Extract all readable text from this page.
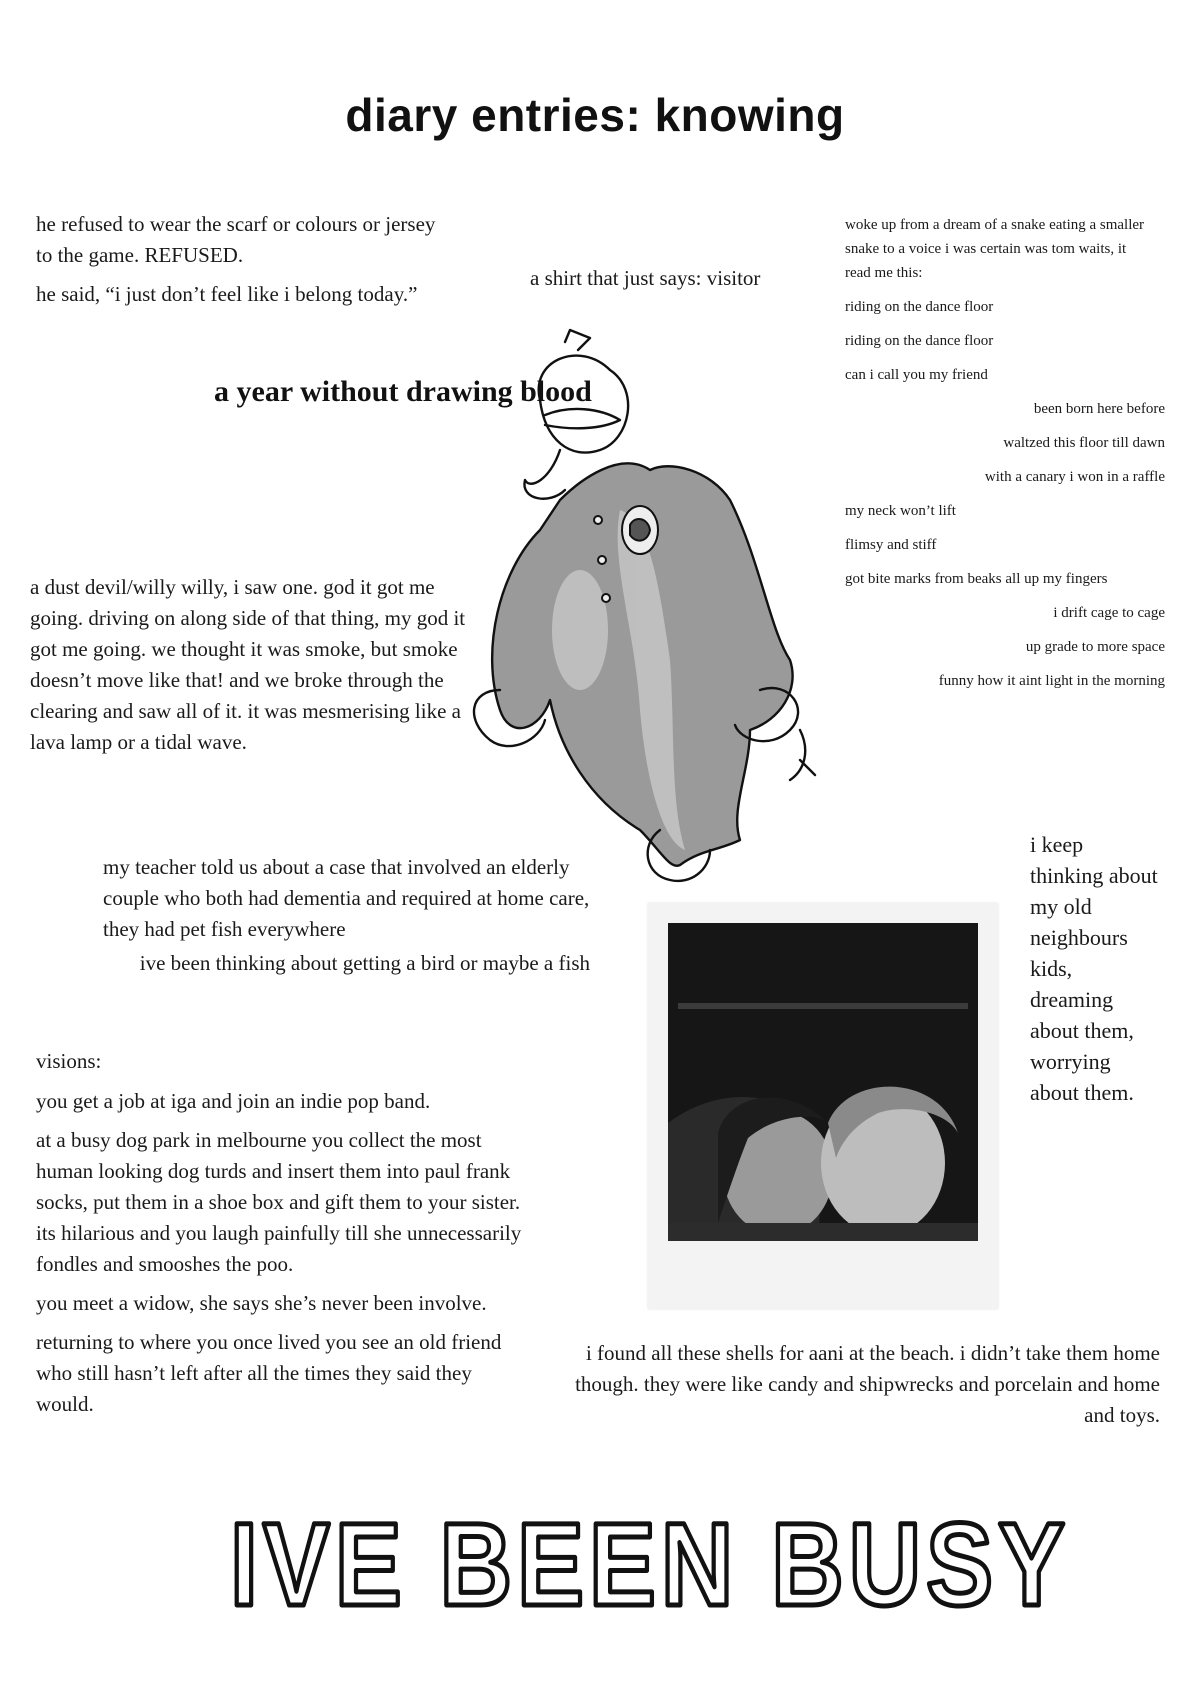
diary entries: knowing

he refused to wear the scarf or colours or jersey to the game. REFUSED.

he said, “i just don’t feel like i belong today.”

a shirt that just says: visitor
a year without drawing blood
woke up from a dream of a snake eating a smaller snake to a voice i was certain was tom waits, it read me this:

riding on the dance floor

riding on the dance floor

can i call you my friend

been born here before

waltzed this floor till dawn

with a canary i won in a raffle

my neck won’t lift

flimsy and stiff

got bite marks from beaks all up my fingers

i drift cage to cage

up grade to more space

funny how it aint light in the morning

a dust devil/willy willy, i saw one. god it got me going. driving on along side of that thing, my god it got me going. we thought it was smoke, but smoke doesn’t move like that! and we broke through the clearing and saw all of it. it was mesmerising like a lava lamp or a tidal wave.
my teacher told us about a case that involved an elderly couple who both had dementia and required at home care, they had pet fish everywhere
ive been thinking about getting a bird or maybe a fish
i keep thinking about my old neighbours kids, dreaming about them, worrying about them.

visions:

you get a job at iga and join an indie pop band.

at a busy dog park in melbourne you collect the most human looking dog turds and insert them into paul frank socks, put them in a shoe box and gift them to your sister. its hilarious and you laugh painfully till she unnecessarily fondles and smooshes the poo.

you meet a widow, she says she’s never been involve.

returning to where you once lived you see an old friend who still hasn’t left after all the times they said they would.

i found all these shells for aani at the beach. i didn’t take them home though. they were like candy and shipwrecks and porcelain and home and toys.
IVE BEEN BUSY
